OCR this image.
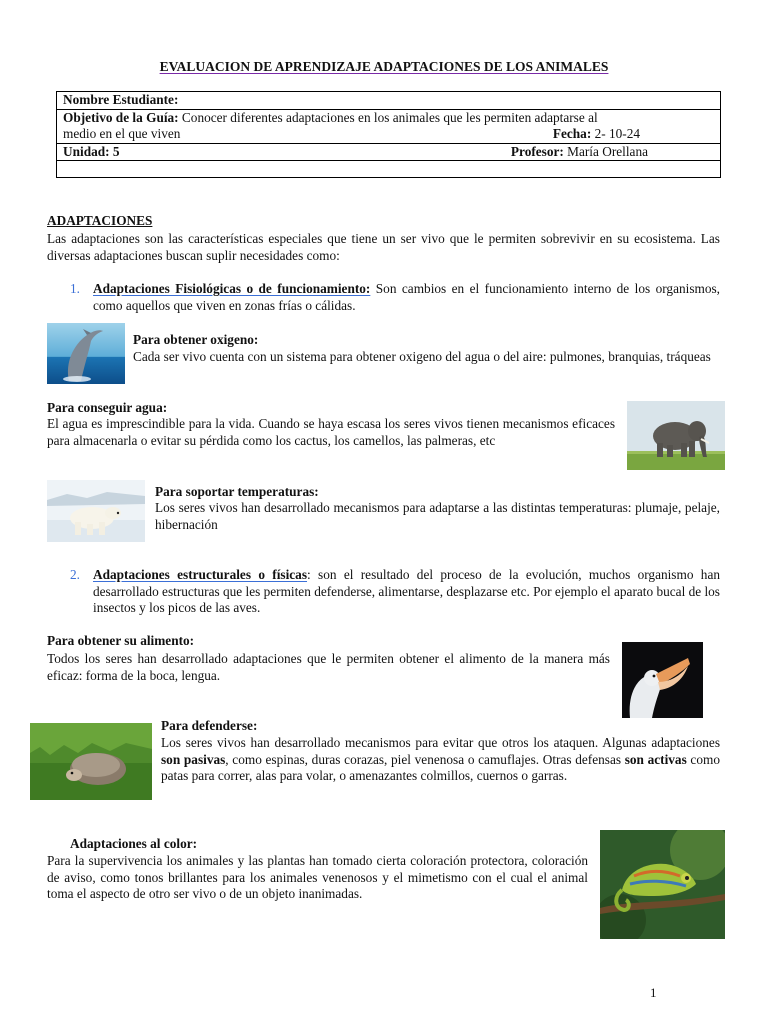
EVALUACION DE APRENDIZAJE ADAPTACIONES DE LOS ANIMALES
Nombre Estudiante:
Objetivo de la Guía: Conocer diferentes adaptaciones en los animales que les permiten adaptarse al
medio en el que viven	Fecha: 2- 10-24

Unidad: 5	Profesor: María Orellana

ADAPTACIONES
Las adaptaciones son las características especiales que tiene un ser vivo que le permiten sobrevivir en su ecosistema. Las diversas adaptaciones buscan suplir necesidades como:
1. Adaptaciones Fisiológicas o de funcionamiento: Son cambios en el funcionamiento interno de los organismos, como aquellos que viven en zonas frías o cálidas.
Para obtener oxigeno:
Cada ser vivo cuenta con un sistema para obtener oxigeno del agua o del aire: pulmones, branquias, tráqueas
Para conseguir agua:
El agua es imprescindible para la vida. Cuando se haya escasa los seres vivos tienen mecanismos eficaces para almacenarla o evitar su pérdida como los cactus, los camellos, las palmeras, etc
Para soportar temperaturas:
Los seres vivos han desarrollado mecanismos para adaptarse a las distintas temperaturas: plumaje, pelaje, hibernación
2. Adaptaciones estructurales o físicas: son el resultado del proceso de la evolución, muchos organismo han desarrollado estructuras que les permiten defenderse, alimentarse, desplazarse etc. Por ejemplo el aparato bucal de los insectos y los picos de las aves.
Para obtener su alimento:
Todos los seres han desarrollado adaptaciones que le permiten obtener el alimento de la manera más eficaz: forma de la boca, lengua.
Para defenderse:
Los seres vivos han desarrollado mecanismos para evitar que otros los ataquen. Algunas adaptaciones son pasivas, como espinas, duras corazas, piel venenosa o camuflajes. Otras defensas son activas como patas para correr, alas para volar, o amenazantes colmillos, cuernos o garras.
Adaptaciones al color:
Para la supervivencia los animales y las plantas han tomado cierta coloración protectora, coloración de aviso, como tonos brillantes para los animales venenosos y el mimetismo con el cual el animal toma el aspecto de otro ser vivo o de un objeto inanimadas.
1
